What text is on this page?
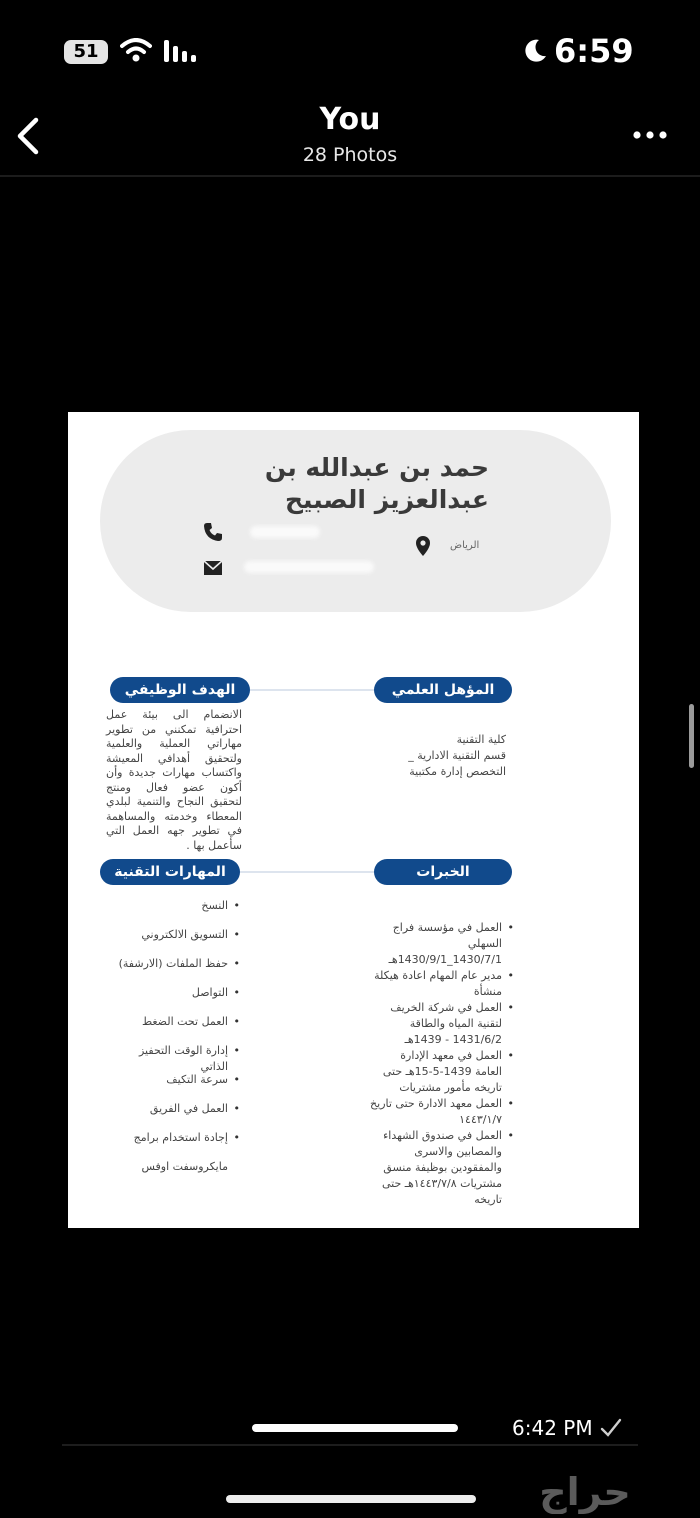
51	6:59
You
28 Photos
حمد بن عبدالله بن
عبدالعزيز الصبيح
الرياض
الهدف الوظيفي	المؤهل العلمي
الانضمام الى بيئة عمل احترافية تمكنني من تطوير مهاراتي العملية والعلمية ولتحقيق أهدافي المعيشة واكتساب مهارات جديدة وأن أكون عضو فعال ومنتج لتحقيق النجاح والتنمية لبلدي المعطاء وخدمته والمساهمة في تطوير جهه العمل التي سأعمل بها .
كلية التقنية
قسم التقنية الادارية _
التخصص إدارة مكتبية
المهارات التقنية	الخبرات
• النسخ
• التسويق الالكتروني
• حفظ الملفات (الارشفة)
• التواصل
• العمل تحت الضغط
• إدارة الوقت التحفيز الذاتي
• سرعة التكيف
• العمل في الفريق
• إجادة استخدام برامج
مايكروسفت اوفس
• العمل في مؤسسة فراج السهلي 1430/7/1_1430/9/1هـ
• مدير عام المهام اعادة هيكلة منشأة
• العمل في شركة الخريف لتقنية المياه والطاقة 1431/6/2 - 1439هـ
• العمل في معهد الإدارة العامة 1439-5-15هـ حتى تاريخه مأمور مشتريات
• العمل معهد الادارة حتى تاريخ ١٤٤٣/١/٧
• العمل في صندوق الشهداء والمصابين والاسرى والمفقودين بوظيفة منسق مشتريات ١٤٤٣/٧/٨هـ حتى تاريخه
6:42 PM
حراج
